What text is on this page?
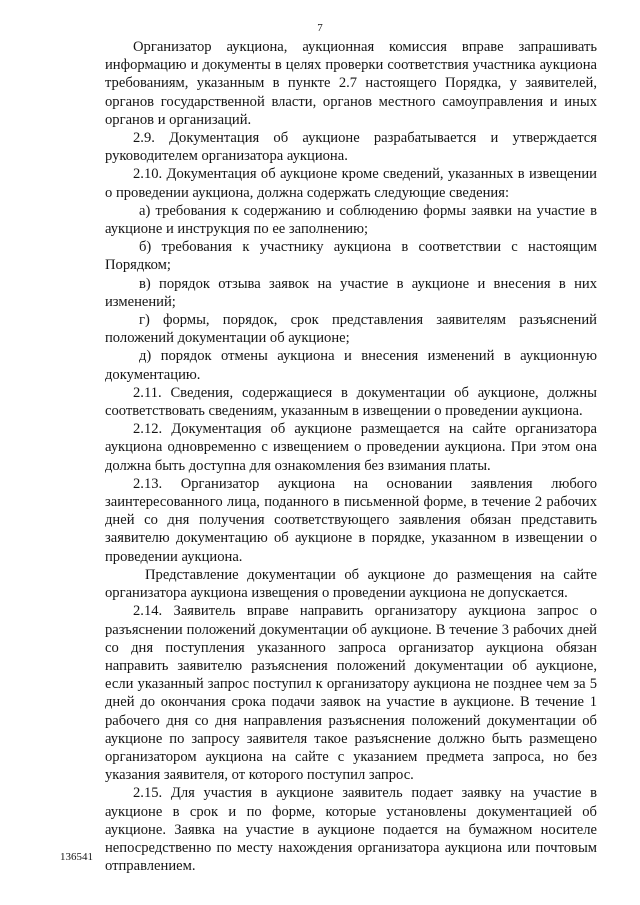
7

Организатор аукциона, аукционная комиссия вправе запрашивать информацию и документы в целях проверки соответствия участника аукциона требованиям, указанным в пункте 2.7 настоящего Порядка, у заявителей, органов государственной власти, органов местного самоуправления и иных органов и организаций.

2.9. Документация об аукционе разрабатывается и утверждается руководителем организатора аукциона.

2.10. Документация об аукционе кроме сведений, указанных в извещении о проведении аукциона, должна содержать следующие сведения:

а) требования к содержанию и соблюдению формы заявки на участие в аукционе и инструкция по ее заполнению;

б) требования к участнику аукциона в соответствии с настоящим Порядком;

в) порядок отзыва заявок на участие в аукционе и внесения в них изменений;

г) формы, порядок, срок представления заявителям разъяснений положений документации об аукционе;

д) порядок отмены аукциона и внесения изменений в аукционную документацию.

2.11. Сведения, содержащиеся в документации об аукционе, должны соответствовать сведениям, указанным в извещении о проведении аукциона.

2.12. Документация об аукционе размещается на сайте организатора аукциона одновременно с извещением о проведении аукциона. При этом она должна быть доступна для ознакомления без взимания платы.

2.13. Организатор аукциона на основании заявления любого заинтересованного лица, поданного в письменной форме, в течение 2 рабочих дней со дня получения соответствующего заявления обязан представить заявителю документацию об аукционе в порядке, указанном в извещении о проведении аукциона.

Представление документации об аукционе до размещения на сайте организатора аукциона извещения о проведении аукциона не допускается.

2.14. Заявитель вправе направить организатору аукциона запрос о разъяснении положений документации об аукционе. В течение 3 рабочих дней со дня поступления указанного запроса организатор аукциона обязан направить заявителю разъяснения положений документации об аукционе, если указанный запрос поступил к организатору аукциона не позднее чем за 5 дней до окончания срока подачи заявок на участие в аукционе. В течение 1 рабочего дня со дня направления разъяснения положений документации об аукционе по запросу заявителя такое разъяснение должно быть размещено организатором аукциона на сайте с указанием предмета запроса, но без указания заявителя, от которого поступил запрос.

2.15. Для участия в аукционе заявитель подает заявку на участие в аукционе в срок и по форме, которые установлены документацией об аукционе. Заявка на участие в аукционе подается на бумажном носителе непосредственно по месту нахождения организатора аукциона или почтовым отправлением.

136541
